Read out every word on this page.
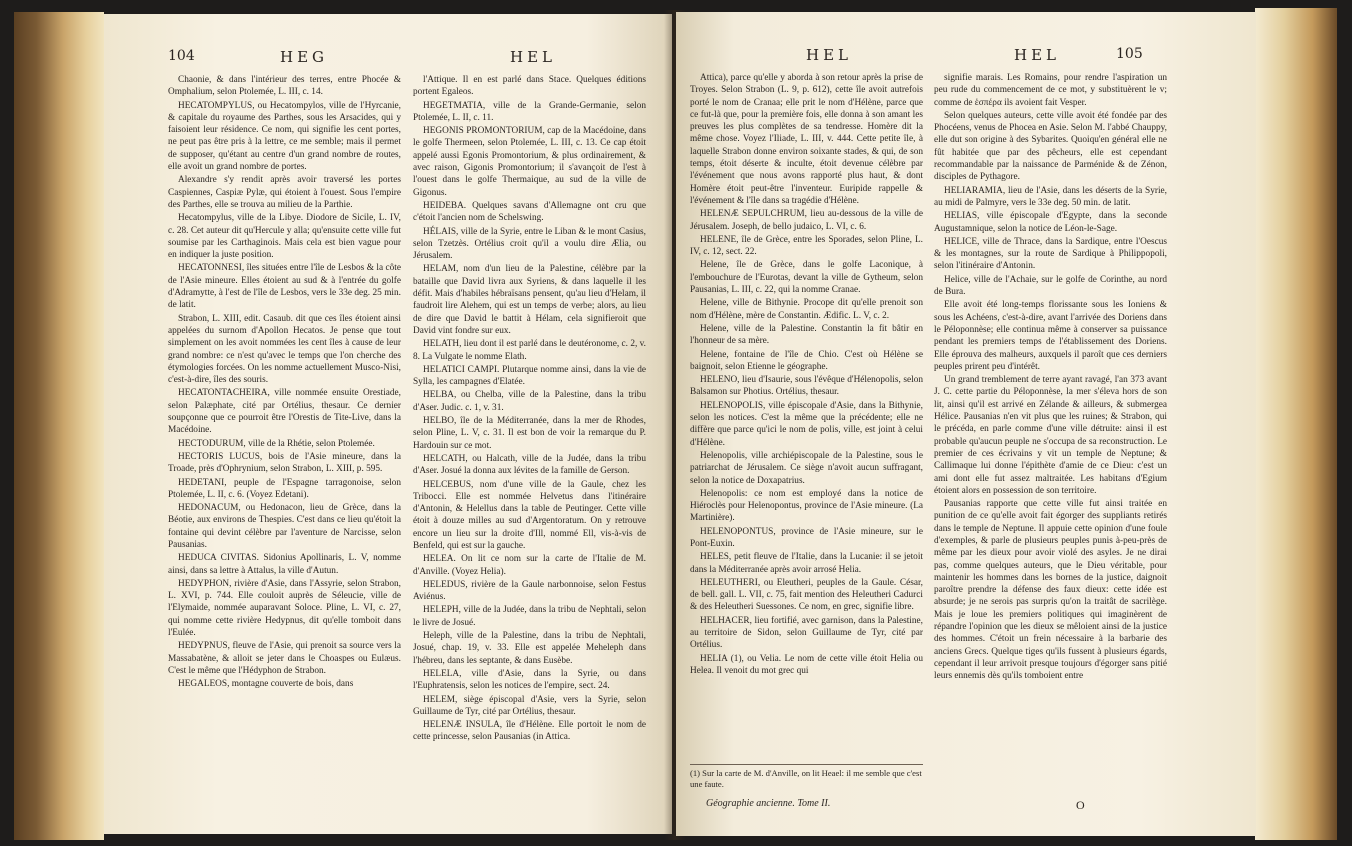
104	HEG	HEL

Chaonie, & dans l'intérieur des terres, entre Phocée & Omphalium, selon Ptolemée, L. III, c. 14.

HECATOMPYLUS, ou Hecatompylos, ville de l'Hyrcanie, & capitale du royaume des Parthes, sous les Arsacides, qui y faisoient leur résidence. Ce nom, qui signifie les cent portes, ne peut pas être pris à la lettre, ce me semble; mais il permet de supposer, qu'étant au centre d'un grand nombre de routes, elle avoit un grand nombre de portes.

Alexandre s'y rendit après avoir traversé les portes Caspiennes, Caspiæ Pylæ, qui étoient à l'ouest. Sous l'empire des Parthes, elle se trouva au milieu de la Parthie.

Hecatompylus, ville de la Libye. Diodore de Sicile, L. IV, c. 28. Cet auteur dit qu'Hercule y alla; qu'ensuite cette ville fut soumise par les Carthaginois. Mais cela est bien vague pour en indiquer la juste position.

HECATONNESI, îles situées entre l'île de Lesbos & la côte de l'Asie mineure. Elles étoient au sud & à l'entrée du golfe d'Adramytte, à l'est de l'île de Lesbos, vers le 33e deg. 25 min. de latit.

Strabon, L. XIII, edit. Casaub. dit que ces îles étoient ainsi appelées du surnom d'Apollon Hecatos. Je pense que tout simplement on les avoit nommées les cent îles à cause de leur grand nombre: ce n'est qu'avec le temps que l'on cherche des étymologies forcées. On les nomme actuellement Musco-Nisi, c'est-à-dire, îles des souris.

HECATONTACHEIRA, ville nommée ensuite Orestiade, selon Palæphate, cité par Ortélius, thesaur. Ce dernier soupçonne que ce pourroit être l'Orestis de Tite-Live, dans la Macédoine.

HECTODURUM, ville de la Rhétie, selon Ptolemée.

HECTORIS LUCUS, bois de l'Asie mineure, dans la Troade, près d'Ophrynium, selon Strabon, L. XIII, p. 595.

HEDETANI, peuple de l'Espagne tarragonoise, selon Ptolemée, L. II, c. 6. (Voyez Edetani).

HEDONACUM, ou Hedonacon, lieu de Grèce, dans la Béotie, aux environs de Thespies. C'est dans ce lieu qu'étoit la fontaine qui devint célèbre par l'aventure de Narcisse, selon Pausanias.

HEDUCA CIVITAS. Sidonius Apollinaris, L. V, nomme ainsi, dans sa lettre à Attalus, la ville d'Autun.

HEDYPHON, rivière d'Asie, dans l'Assyrie, selon Strabon, L. XVI, p. 744. Elle couloit auprès de Séleucie, ville de l'Elymaide, nommée auparavant Soloce. Pline, L. VI, c. 27, qui nomme cette rivière Hedypnus, dit qu'elle tomboit dans l'Eulée.

HEDYPNUS, fleuve de l'Asie, qui prenoit sa source vers la Massabatène, & alloit se jeter dans le Choaspes ou Eulæus. C'est le même que l'Hédyphon de Strabon.

HEGALEOS, montagne couverte de bois, dans

l'Attique. Il en est parlé dans Stace. Quelques éditions portent Egaleos.

HEGETMATIA, ville de la Grande-Germanie, selon Ptolemée, L. II, c. 11.

HEGONIS PROMONTORIUM, cap de la Macédoine, dans le golfe Thermeen, selon Ptolemée, L. III, c. 13. Ce cap étoit appelé aussi Egonis Promontorium, & plus ordinairement, & avec raison, Gigonis Promontorium; il s'avançoit de l'est à l'ouest dans le golfe Thermaique, au sud de la ville de Gigonus.

HEIDEBA. Quelques savans d'Allemagne ont cru que c'étoit l'ancien nom de Schelswing.

HÉLAIS, ville de la Syrie, entre le Liban & le mont Casius, selon Tzetzès. Ortélius croit qu'il a voulu dire Ælia, ou Jérusalem.

HELAM, nom d'un lieu de la Palestine, célèbre par la bataille que David livra aux Syriens, & dans laquelle il les défit. Mais d'habiles hébraïsans pensent, qu'au lieu d'Helam, il faudroit lire Alehem, qui est un temps de verbe; alors, au lieu de dire que David le battit à Hélam, cela signifieroit que David vint fondre sur eux.

HELATH, lieu dont il est parlé dans le deutéronome, c. 2, v. 8. La Vulgate le nomme Elath.

HELATICI CAMPI. Plutarque nomme ainsi, dans la vie de Sylla, les campagnes d'Elatée.

HELBA, ou Chelba, ville de la Palestine, dans la tribu d'Aser. Judic. c. 1, v. 31.

HELBO, île de la Méditerranée, dans la mer de Rhodes, selon Pline, L. V, c. 31. Il est bon de voir la remarque du P. Hardouin sur ce mot.

HELCATH, ou Halcath, ville de la Judée, dans la tribu d'Aser. Josué la donna aux lévites de la famille de Gerson.

HELCEBUS, nom d'une ville de la Gaule, chez les Tribocci. Elle est nommée Helvetus dans l'itinéraire d'Antonin, & Helellus dans la table de Peutinger. Cette ville étoit à douze milles au sud d'Argentoratum. On y retrouve encore un lieu sur la droite d'Ill, nommé Ell, vis-à-vis de Benfeld, qui est sur la gauche.

HELEA. On lit ce nom sur la carte de l'Italie de M. d'Anville. (Voyez Helia).

HELEDUS, rivière de la Gaule narbonnoise, selon Festus Aviénus.

HELEPH, ville de la Judée, dans la tribu de Nephtali, selon le livre de Josué.

Heleph, ville de la Palestine, dans la tribu de Nephtali, Josué, chap. 19, v. 33. Elle est appelée Meheleph dans l'hébreu, dans les septante, & dans Eusèbe.

HELELA, ville d'Asie, dans la Syrie, ou dans l'Euphratensis, selon les notices de l'empire, sect. 24.

HELEM, siège épiscopal d'Asie, vers la Syrie, selon Guillaume de Tyr, cité par Ortélius, thesaur.

HELENÆ INSULA, île d'Hélène. Elle portoit le nom de cette princesse, selon Pausanias (in Attica.

HEL	HEL	105

Attica), parce qu'elle y aborda à son retour après la prise de Troyes. Selon Strabon (L. 9, p. 612), cette île avoit autrefois porté le nom de Cranaa; elle prit le nom d'Hélène, parce que ce fut-là que, pour la première fois, elle donna à son amant les preuves les plus complètes de sa tendresse. Homère dit la même chose. Voyez l'Iliade, L. III, v. 444. Cette petite île, à laquelle Strabon donne environ soixante stades, & qui, de son temps, étoit déserte & inculte, étoit devenue célèbre par l'événement que nous avons rapporté plus haut, & dont Homère étoit peut-être l'inventeur. Euripide rappelle & l'événement & l'île dans sa tragédie d'Hélène.

HELENÆ SEPULCHRUM, lieu au-dessous de la ville de Jérusalem. Joseph, de bello judaico, L. VI, c. 6.

HELENE, île de Grèce, entre les Sporades, selon Pline, L. IV, c. 12, sect. 22.

Helene, île de Grèce, dans le golfe Laconique, à l'embouchure de l'Eurotas, devant la ville de Gytheum, selon Pausanias, L. III, c. 22, qui la nomme Cranae.

Helene, ville de Bithynie. Procope dit qu'elle prenoit son nom d'Hélène, mère de Constantin. Ædific. L. V, c. 2.

Helene, ville de la Palestine. Constantin la fit bâtir en l'honneur de sa mère.

Helene, fontaine de l'île de Chio. C'est où Hélène se baignoit, selon Etienne le géographe.

HELENO, lieu d'Isaurie, sous l'évêque d'Hélenopolis, selon Balsamon sur Photius. Ortélius, thesaur.

HELENOPOLIS, ville épiscopale d'Asie, dans la Bithynie, selon les notices. C'est la même que la précédente; elle ne diffère que parce qu'ici le nom de polis, ville, est joint à celui d'Hélène.

Helenopolis, ville archiépiscopale de la Palestine, sous le patriarchat de Jérusalem. Ce siège n'avoit aucun suffragant, selon la notice de Doxapatrius.

Helenopolis: ce nom est employé dans la notice de Hiéroclès pour Helenopontus, province de l'Asie mineure. (La Martinière).

HELENOPONTUS, province de l'Asie mineure, sur le Pont-Euxin.

HELES, petit fleuve de l'Italie, dans la Lucanie: il se jetoit dans la Méditerranée après avoir arrosé Helia.

HELEUTHERI, ou Eleutheri, peuples de la Gaule. César, de bell. gall. L. VII, c. 75, fait mention des Heleutheri Cadurci & des Heleutheri Suessones. Ce nom, en grec, signifie libre.

HELHACER, lieu fortifié, avec garnison, dans la Palestine, au territoire de Sidon, selon Guillaume de Tyr, cité par Ortélius.

HELIA (1), ou Velia. Le nom de cette ville étoit Helia ou Helea. Il venoit du mot grec qui

(1) Sur la carte de M. d'Anville, on lit Heael: il me semble que c'est une faute.
Géographie ancienne. Tome II.

signifie marais. Les Romains, pour rendre l'aspiration un peu rude du commencement de ce mot, y substituèrent le v; comme de ἑσπέρα ils avoient fait Vesper.

Selon quelques auteurs, cette ville avoit été fondée par des Phocéens, venus de Phocea en Asie. Selon M. l'abbé Chauppy, elle dut son origine à des Sybarites. Quoiqu'en général elle ne fût habitée que par des pêcheurs, elle est cependant recommandable par la naissance de Parménide & de Zénon, disciples de Pythagore.

HELIARAMIA, lieu de l'Asie, dans les déserts de la Syrie, au midi de Palmyre, vers le 33e deg. 50 min. de latit.

HELIAS, ville épiscopale d'Egypte, dans la seconde Augustamnique, selon la notice de Léon-le-Sage.

HELICE, ville de Thrace, dans la Sardique, entre l'Oescus & les montagnes, sur la route de Sardique à Philippopoli, selon l'itinéraire d'Antonin.

Helice, ville de l'Achaie, sur le golfe de Corinthe, au nord de Bura.

Elle avoit été long-temps florissante sous les Ioniens & sous les Achéens, c'est-à-dire, avant l'arrivée des Doriens dans le Péloponnèse; elle continua même à conserver sa puissance pendant les premiers temps de l'établissement des Doriens. Elle éprouva des malheurs, auxquels il paroît que ces derniers peuples prirent peu d'intérêt.

Un grand tremblement de terre ayant ravagé, l'an 373 avant J. C. cette partie du Péloponnèse, la mer s'éleva hors de son lit, ainsi qu'il est arrivé en Zélande & ailleurs, & submergea Hélice. Pausanias n'en vit plus que les ruines; & Strabon, qui le précéda, en parle comme d'une ville détruite: ainsi il est probable qu'aucun peuple ne s'occupa de sa reconstruction. Le premier de ces écrivains y vit un temple de Neptune; & Callimaque lui donne l'épithète d'amie de ce Dieu: c'est un ami dont elle fut assez maltraitée. Les habitans d'Egium étoient alors en possession de son territoire.

Pausanias rapporte que cette ville fut ainsi traitée en punition de ce qu'elle avoit fait égorger des suppliants retirés dans le temple de Neptune. Il appuie cette opinion d'une foule d'exemples, & parle de plusieurs peuples punis à-peu-près de même par les dieux pour avoir violé des asyles. Je ne dirai pas, comme quelques auteurs, que le Dieu véritable, pour maintenir les hommes dans les bornes de la justice, daignoit paroître prendre la défense des faux dieux: cette idée est absurde; je ne serois pas surpris qu'on la traitât de sacrilège. Mais je loue les premiers politiques qui imaginèrent de répandre l'opinion que les dieux se mêloient ainsi de la justice des hommes. C'étoit un frein nécessaire à la barbarie des anciens Grecs. Quelque tiges qu'ils fussent à plusieurs égards, cependant il leur arrivoit presque toujours d'égorger sans pitié leurs ennemis dès qu'ils tomboient entre

O
